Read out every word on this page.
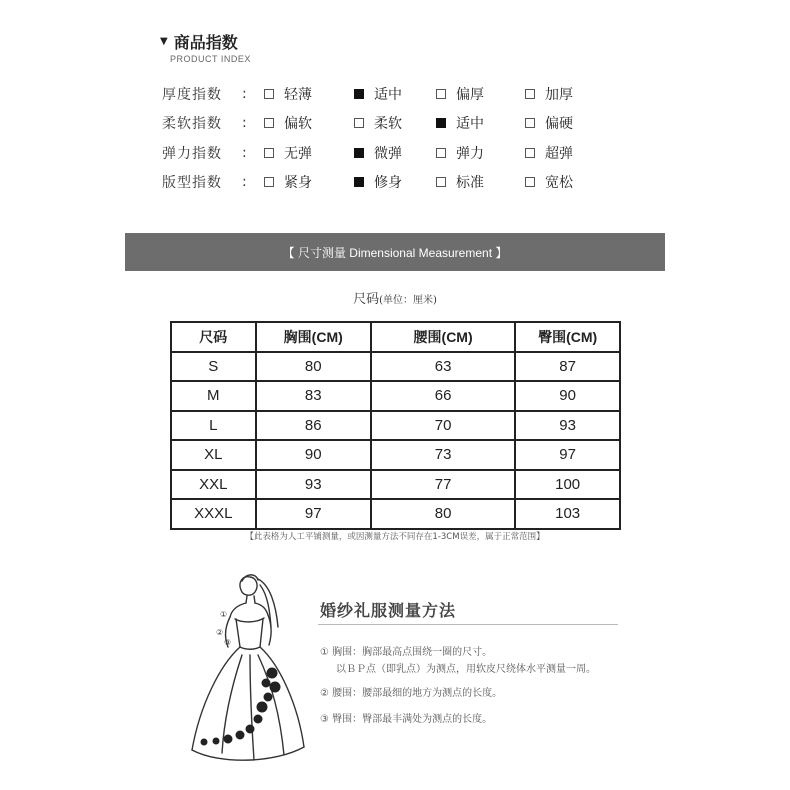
▼ 商品指数
PRODUCT INDEX
厚度指数	:	轻薄	适中	偏厚	加厚
柔软指数	:	偏软	柔软	适中	偏硬
弹力指数	:	无弹	微弹	弹力	超弹
版型指数	:	紧身	修身	标准	宽松
【 尺寸测量 Dimensional Measurement 】
尺码(单位：厘米)
尺码	胸围(CM)	腰围(CM)	臀围(CM)
S	80	63	87
M	83	66	90
L	86	70	93
XL	90	73	97
XXL	93	77	100
XXXL	97	80	103
【此表格为人工平铺测量，或因测量方法不同存在1-3CM误差，属于正常范围】
①
②
③
婚纱礼服测量方法
① 胸围：胸部最高点围绕一圈的尺寸。
以ＢＰ点（即乳点）为测点，用软皮尺绕体水平测量一周。
② 腰围：腰部最细的地方为测点的长度。
③ 臀围：臀部最丰满处为测点的长度。
